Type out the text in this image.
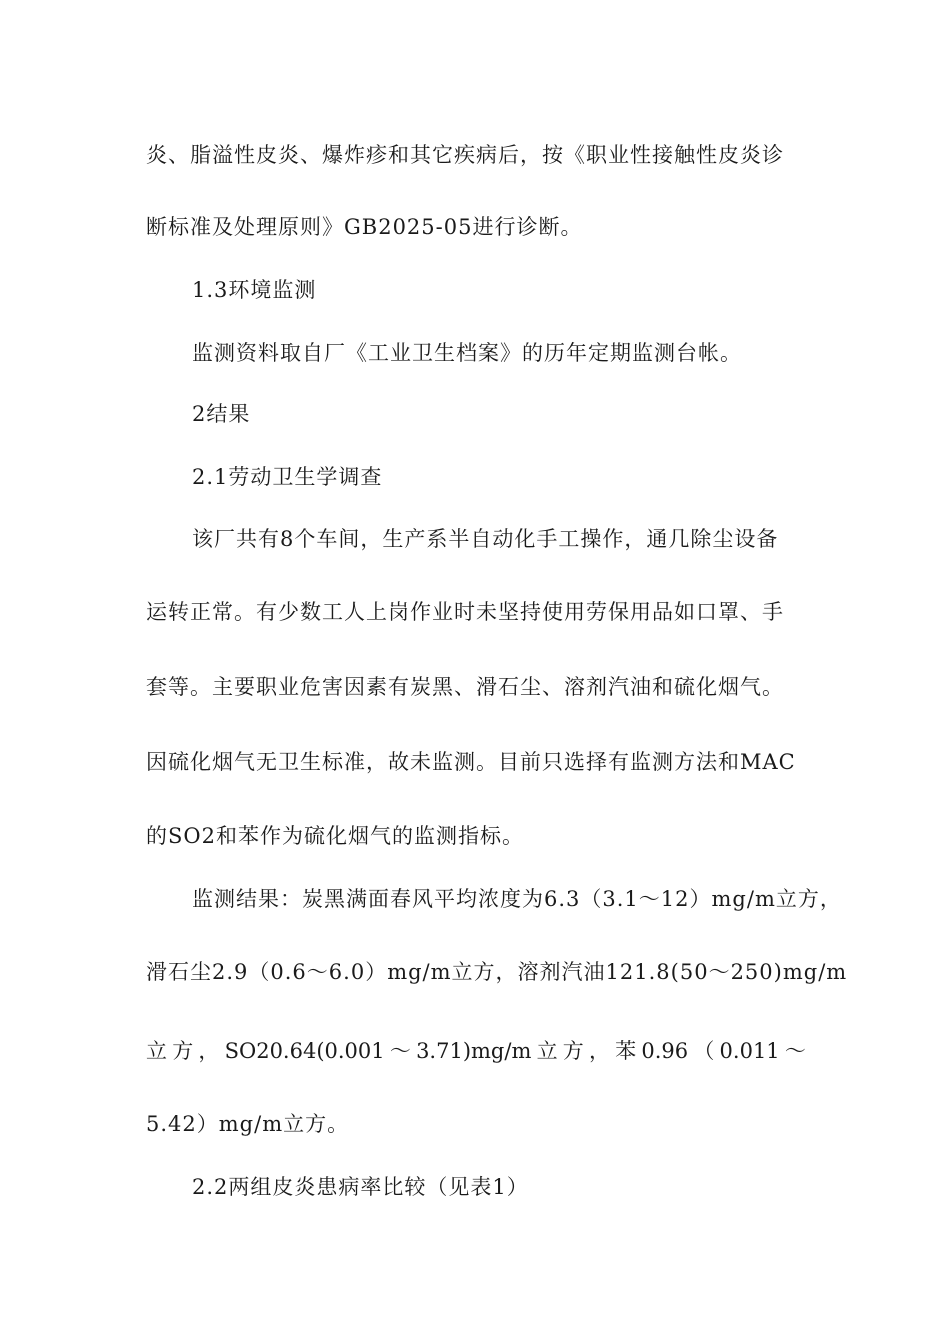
炎、脂溢性皮炎、爆炸疹和其它疾病后，按《职业性接触性皮炎诊
断标准及处理原则》GB2025-05进行诊断。
1.3环境监测
监测资料取自厂《工业卫生档案》的历年定期监测台帐。
2结果
2.1劳动卫生学调查
该厂共有8个车间，生产系半自动化手工操作，通几除尘设备
运转正常。有少数工人上岗作业时未坚持使用劳保用品如口罩、手
套等。主要职业危害因素有炭黑、滑石尘、溶剂汽油和硫化烟气。
因硫化烟气无卫生标准，故未监测。目前只选择有监测方法和MAC
的SO2和苯作为硫化烟气的监测指标。
监测结果：炭黑满面春风平均浓度为6.3（3.1～12）mg/m立方，
滑石尘2.9（0.6～6.0）mg/m立方，溶剂汽油121.8(50～250)mg/m
立 方 ， SO20.64(0.001 ～ 3.71)mg/m 立 方 ， 苯 0.96 （ 0.011 ～
5.42）mg/m立方。
2.2两组皮炎患病率比较（见表1）
